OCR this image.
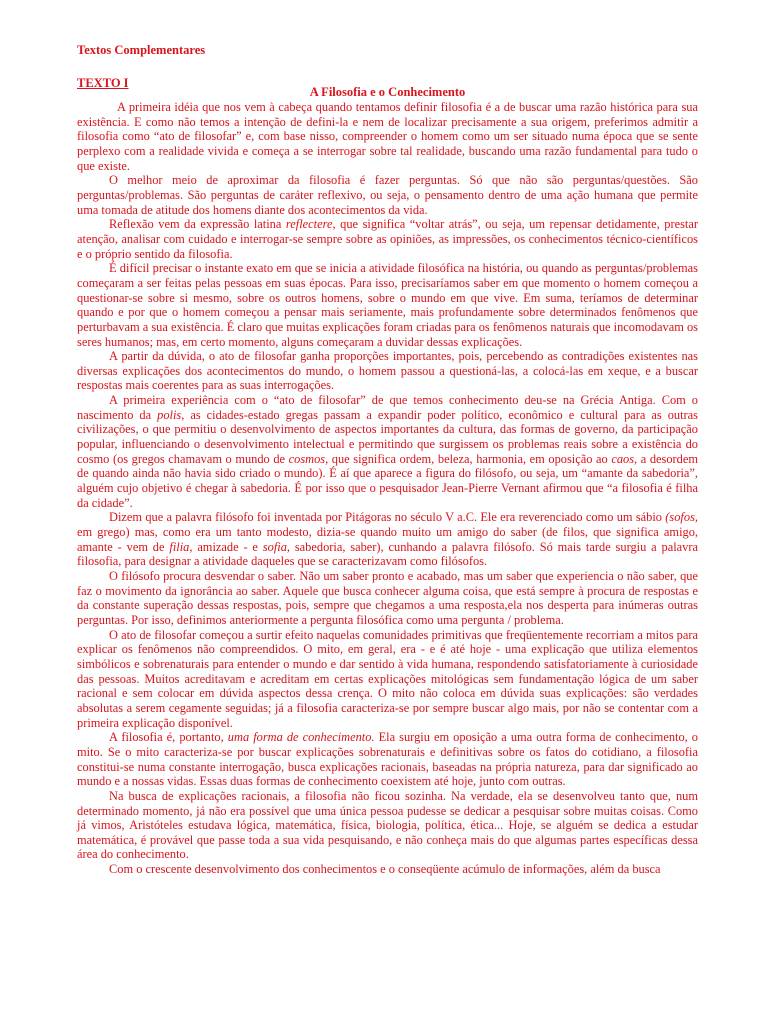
Textos Complementares

TEXTO I

A Filosofia e o Conhecimento

A primeira idéia que nos vem à cabeça quando tentamos definir filosofia é a de buscar uma razão histórica para sua existência. E como não temos a intenção de defini-la e nem de localizar precisamente a sua origem, preferimos admitir a filosofia como “ato de filosofar” e, com base nisso, compreender o homem como um ser situado numa época que se sente perplexo com a realidade vivida e começa a se interrogar sobre tal realidade, buscando uma razão fundamental para tudo o que existe.

O melhor meio de aproximar da filosofia é fazer perguntas. Só que não são perguntas/questões. São perguntas/problemas. São perguntas de caráter reflexivo, ou seja, o pensamento dentro de uma ação humana que permite uma tomada de atitude dos homens diante dos acontecimentos da vida.

Reflexão vem da expressão latina reflectere, que significa “voltar atrás”, ou seja, um repensar detidamente, prestar atenção, analisar com cuidado e interrogar-se sempre sobre as opiniões, as impressões, os conhecimentos técnico-científicos e o próprio sentido da filosofia.

É difícil precisar o instante exato em que se inicia a atividade filosófica na história, ou quando as perguntas/problemas começaram a ser feitas pelas pessoas em suas épocas. Para isso, precisaríamos saber em que momento o homem começou a questionar-se sobre si mesmo, sobre os outros homens, sobre o mundo em que vive. Em suma, teríamos de determinar quando e por que o homem começou a pensar mais seriamente, mais profundamente sobre determinados fenômenos que perturbavam a sua existência. É claro que muitas explicações foram criadas para os fenômenos naturais que incomodavam os seres humanos; mas, em certo momento, alguns começaram a duvidar dessas explicações.

A partir da dúvida, o ato de filosofar ganha proporções importantes, pois, percebendo as contradições existentes nas diversas explicações dos acontecimentos do mundo, o homem passou a questioná-las, a colocá-las em xeque, e a buscar respostas mais coerentes para as suas interrogações.

A primeira experiência com o “ato de filosofar” de que temos conhecimento deu-se na Grécia Antiga. Com o nascimento da polis, as cidades-estado gregas passam a expandir poder político, econômico e cultural para as outras civilizações, o que permitiu o desenvolvimento de aspectos importantes da cultura, das formas de governo, da participação popular, influenciando o desenvolvimento intelectual e permitindo que surgissem os problemas reais sobre a existência do cosmo (os gregos chamavam o mundo de cosmos, que significa ordem, beleza, harmonia, em oposição ao caos, a desordem de quando ainda não havia sido criado o mundo). É aí que aparece a figura do filósofo, ou seja, um “amante da sabedoria”, alguém cujo objetivo é chegar à sabedoria. É por isso que o pesquisador Jean-Pierre Vernant afirmou que “a filosofia é filha da cidade”.

Dizem que a palavra filósofo foi inventada por Pitágoras no século V a.C. Ele era reverenciado como um sábio (sofos, em grego) mas, como era um tanto modesto, dizia-se quando muito um amigo do saber (de filos, que significa amigo, amante - vem de filia, amizade - e sofia, sabedoria, saber), cunhando a palavra filósofo. Só mais tarde surgiu a palavra filosofia, para designar a atividade daqueles que se caracterizavam como filósofos.

O filósofo procura desvendar o saber. Não um saber pronto e acabado, mas um saber que experiencia o não saber, que faz o movimento da ignorância ao saber. Aquele que busca conhecer alguma coisa, que está sempre à procura de respostas e da constante superação dessas respostas, pois, sempre que chegamos a uma resposta,ela nos desperta para inúmeras outras perguntas. Por isso, definimos anteriormente a pergunta filosófica como uma pergunta / problema.

O ato de filosofar começou a surtir efeito naquelas comunidades primitivas que freqüentemente recorriam a mitos para explicar os fenômenos não compreendidos. O mito, em geral, era - e é até hoje - uma explicação que utiliza elementos simbólicos e sobrenaturais para entender o mundo e dar sentido à vida humana, respondendo satisfatoriamente à curiosidade das pessoas. Muitos acreditavam e acreditam em certas explicações mitológicas sem fundamentação lógica de um saber racional e sem colocar em dúvida aspectos dessa crença. O mito não coloca em dúvida suas explicações: são verdades absolutas a serem cegamente seguidas; já a filosofia caracteriza-se por sempre buscar algo mais, por não se contentar com a primeira explicação disponível.

A filosofia é, portanto, uma forma de conhecimento. Ela surgiu em oposição a uma outra forma de conhecimento, o mito. Se o mito caracteriza-se por buscar explicações sobrenaturais e definitivas sobre os fatos do cotidiano, a filosofia constitui-se numa constante interrogação, busca explicações racionais, baseadas na própria natureza, para dar significado ao mundo e a nossas vidas. Essas duas formas de conhecimento coexistem até hoje, junto com outras.

Na busca de explicações racionais, a filosofia não ficou sozinha. Na verdade, ela se desenvolveu tanto que, num determinado momento, já não era possível que uma única pessoa pudesse se dedicar a pesquisar sobre muitas coisas. Como já vimos, Aristóteles estudava lógica, matemática, física, biologia, política, ética... Hoje, se alguém se dedica a estudar matemática, é provável que passe toda a sua vida pesquisando, e não conheça mais do que algumas partes específicas dessa área do conhecimento.

Com o crescente desenvolvimento dos conhecimentos e o conseqüente acúmulo de informações, além da busca
